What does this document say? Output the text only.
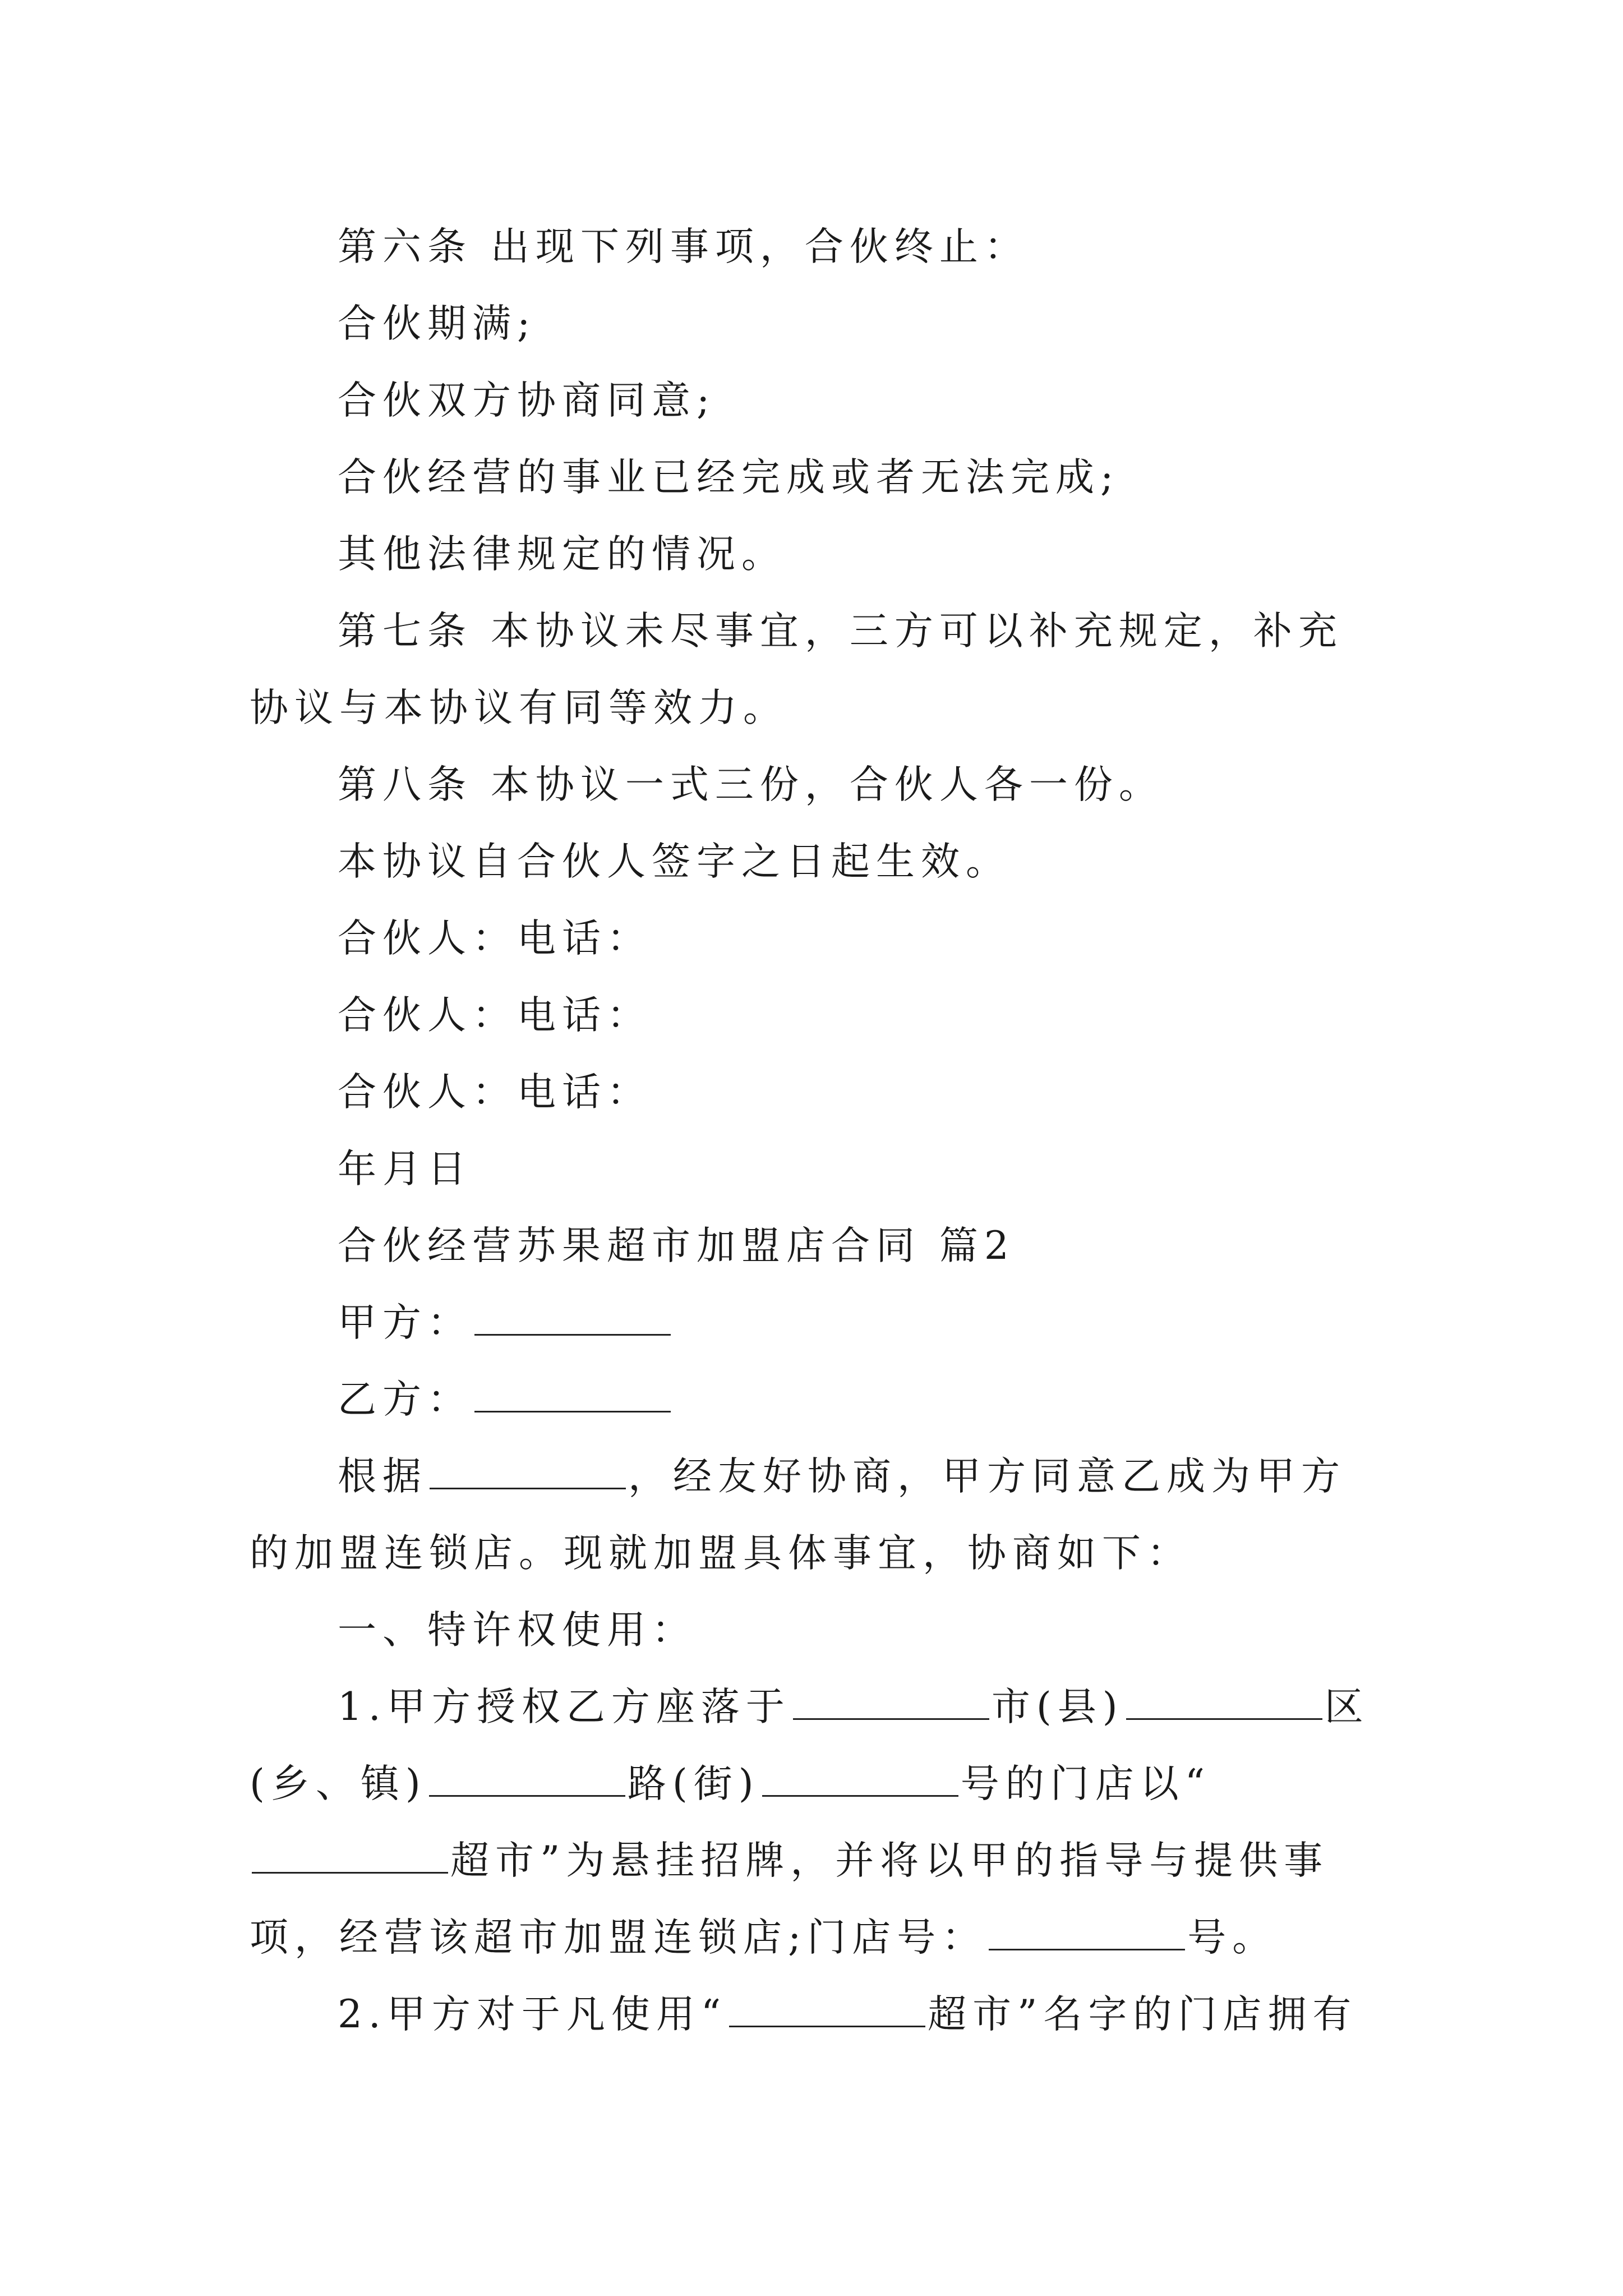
第六条 出现下列事项，合伙终止：

合伙期满;

合伙双方协商同意;

合伙经营的事业已经完成或者无法完成;

其他法律规定的情况。

第七条 本协议未尽事宜，三方可以补充规定，补充协议与本协议有同等效力。

第八条 本协议一式三份，合伙人各一份。

本协议自合伙人签字之日起生效。

合伙人：电话：

合伙人：电话：

合伙人：电话：

年月日

合伙经营苏果超市加盟店合同 篇2

甲方：

乙方：

根据	，经友好协商，甲方同意乙成为甲方的加盟连锁店。现就加盟具体事宜，协商如下：

一、特许权使用：

1.甲方授权乙方座落于	市(县)	区(乡、镇)	路(街)	号的门店以“超市”为悬挂招牌，并将以甲的指导与提供事项，经营该超市加盟连锁店;门店号：	号。

2.甲方对于凡使用“	超市”名字的门店拥有
